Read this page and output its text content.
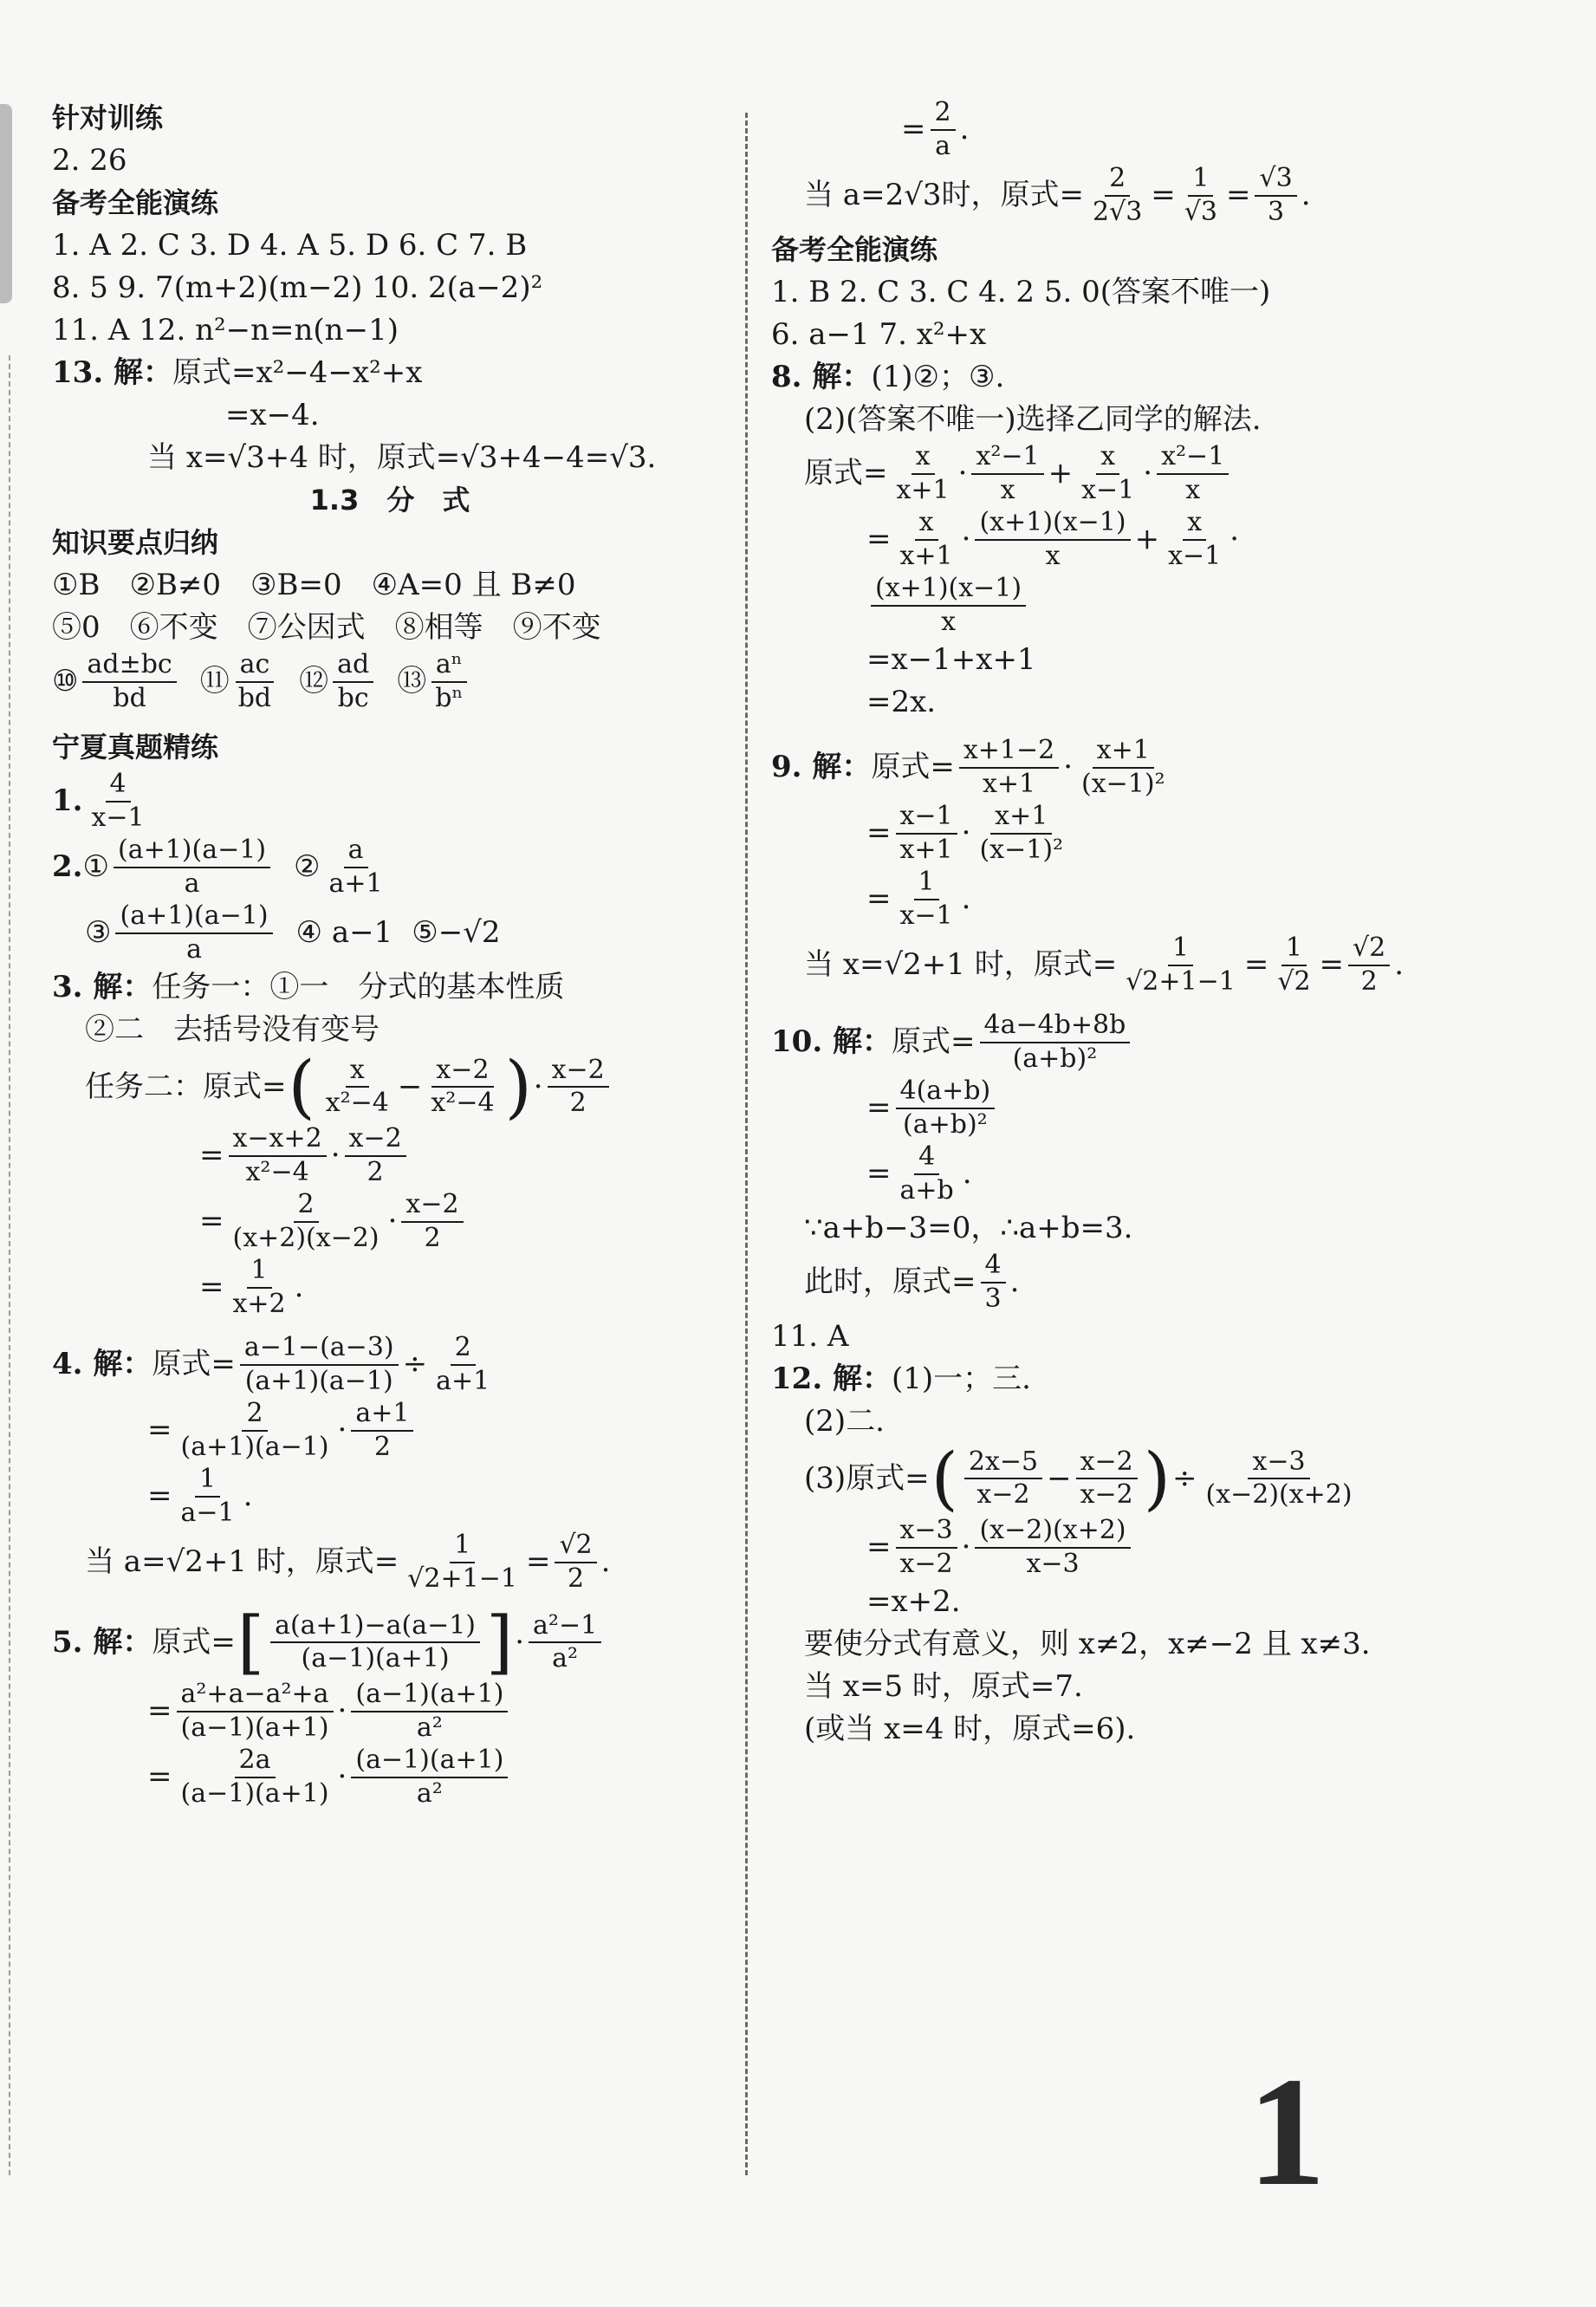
针对训练
2. 26
备考全能演练
1. A 2. C 3. D 4. A 5. D 6. C 7. B
8. 5 9. 7(m+2)(m−2) 10. 2(a−2)²
11. A 12. n²−n=n(n−1)
13. 解： 原式=x²−4−x²+x
=x−4.
当 x=√3+4 时，原式=√3+4−4=√3.
1.3　分　式
知识要点归纳
①B　②B≠0　③B=0　④A=0 且 B≠0
⑤0　⑥不变　⑦公因式　⑧相等　⑨不变
⑩ $\frac{ad\pm bc}{bd}$ ⑪ $\frac{ac}{bd}$ ⑫ $\frac{ad}{bc}$ ⑬ $\frac{\text{aⁿ}}{\text{bⁿ}}$
宁夏真题精练
1. $\frac{4}{x-1}$
2. ① $\frac{(a+1)(a-1)}{a}$ ② $\frac{a}{a+1}$
③ $\frac{(a+1)(a-1)}{a}$ ④ a−1 ⑤−√2
3. 解： 任务一：①一　分式的基本性质
②二　去括号没有变号
任务二：原式= ( $\frac{x}{\text{x²−4}} - \frac{x-2}{\text{x²−4}}$ ) · $\frac{x-2}{2}$
= $\frac{x-x+2}{\text{x²−4}} \cdot \frac{x-2}{2}$
= $\frac{2}{(x+2)(x-2)} \cdot \frac{x-2}{2}$
= $\frac{1}{x+2}$ .
4. 解： 原式= $\frac{a-1-(a-3)}{(a+1)(a-1)} \div \frac{2}{a+1}$
= $\frac{2}{(a+1)(a-1)} \cdot \frac{a+1}{2}$
= $\frac{1}{a-1}$ .
当 a=√2+1 时，原式= $\frac{1}{√2+1-1} = \frac{√2}{2}$ .
5. 解： 原式= [ $\frac{a(a+1)-a(a-1)}{(a-1)(a+1)}$ ] · $\frac{\text{a²−1}}{\text{a²}}$
= $\frac{\text{a²+a−a²+a}}{(a-1)(a+1)} \cdot \frac{(a-1)(a+1)}{\text{a²}}$
= $\frac{2a}{(a-1)(a+1)} \cdot \frac{(a-1)(a+1)}{\text{a²}}$
= $\frac{2}{a}$ .
当 a=2√3时，原式= $\frac{2}{2√3} = \frac{1}{√3} = \frac{√3}{3}$ .
备考全能演练
1. B 2. C 3. C 4. 2 5. 0(答案不唯一)
6. a−1 7. x²+x
8. 解： (1)②；③.
(2)(答案不唯一)选择乙同学的解法.
原式= $\frac{x}{x+1} \cdot \frac{\text{x²−1}}{x} + \frac{x}{x-1} \cdot \frac{\text{x²−1}}{x}$
= $\frac{x}{x+1} \cdot \frac{(x+1)(x-1)}{x} + \frac{x}{x-1}$ ·
$\frac{(x+1)(x-1)}{x}$
=x−1+x+1
=2x.
9. 解： 原式= $\frac{x+1-2}{x+1} \cdot \frac{x+1}{\text{(x−1)²}}$
= $\frac{x-1}{x+1} \cdot \frac{x+1}{\text{(x−1)²}}$
= $\frac{1}{x-1}$ .
当 x=√2+1 时，原式= $\frac{1}{√2+1-1} = \frac{1}{√2} = \frac{√2}{2}$ .
10. 解： 原式= $\frac{4a-4b+8b}{\text{(a+b)²}}$
= $\frac{4(a+b)}{\text{(a+b)²}}$
= $\frac{4}{a+b}$ .
∵a+b−3=0，∴a+b=3.
此时，原式= $\frac{4}{3}$ .
11. A
12. 解： (1)一；三.
(2)二.
(3)原式= ( $\frac{2x-5}{x-2} - \frac{x-2}{x-2}$ ) ÷ $\frac{x-3}{(x-2)(x+2)}$
= $\frac{x-3}{x-2} \cdot \frac{(x-2)(x+2)}{x-3}$
=x+2.
要使分式有意义，则 x≠2，x≠−2 且 x≠3.
当 x=5 时，原式=7.
(或当 x=4 时，原式=6).
1
